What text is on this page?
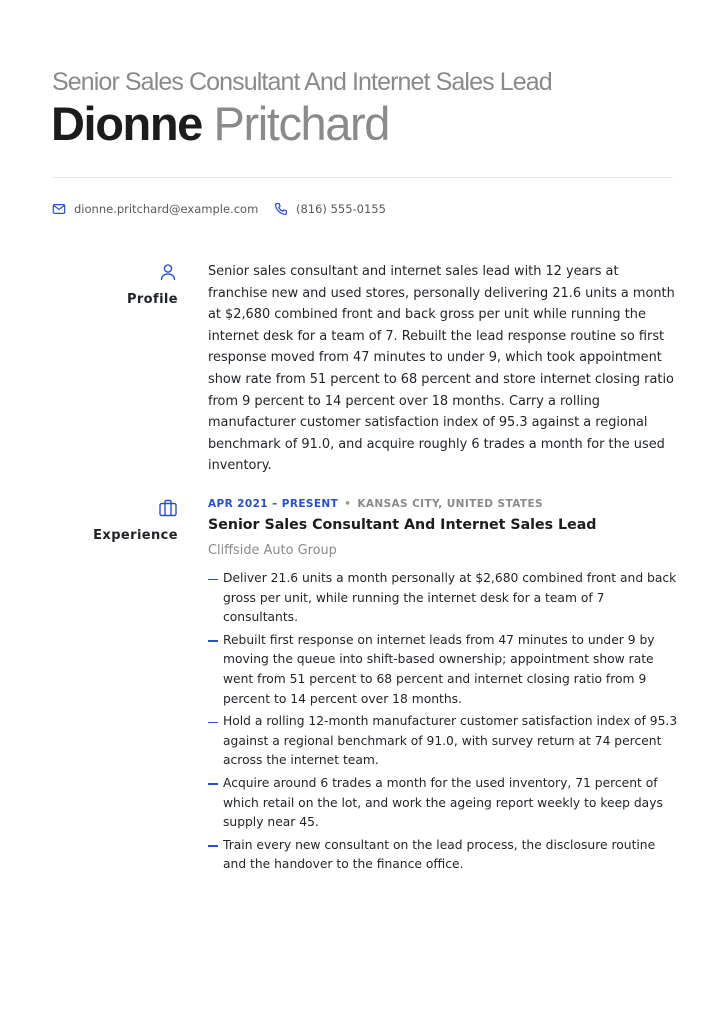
Senior Sales Consultant And Internet Sales Lead
Dionne Pritchard
dionne.pritchard@example.com	(816) 555-0155
Profile

Senior sales consultant and internet sales lead with 12 years at franchise new and used stores, personally delivering 21.6 units a month at $2,680 combined front and back gross per unit while running the internet desk for a team of 7. Rebuilt the lead response routine so first response moved from 47 minutes to under 9, which took appointment show rate from 51 percent to 68 percent and store internet closing ratio from 9 percent to 14 percent over 18 months. Carry a rolling manufacturer customer satisfaction index of 95.3 against a regional benchmark of 91.0, and acquire roughly 6 trades a month for the used inventory.

Experience
APR 2021 – PRESENT • KANSAS CITY, UNITED STATES
Senior Sales Consultant And Internet Sales Lead
Cliffside Auto Group
Deliver 21.6 units a month personally at $2,680 combined front and back gross per unit, while running the internet desk for a team of 7 consultants.
Rebuilt first response on internet leads from 47 minutes to under 9 by moving the queue into shift-based ownership; appointment show rate went from 51 percent to 68 percent and internet closing ratio from 9 percent to 14 percent over 18 months.
Hold a rolling 12-month manufacturer customer satisfaction index of 95.3 against a regional benchmark of 91.0, with survey return at 74 percent across the internet team.
Acquire around 6 trades a month for the used inventory, 71 percent of which retail on the lot, and work the ageing report weekly to keep days supply near 45.
Train every new consultant on the lead process, the disclosure routine and the handover to the finance office.
